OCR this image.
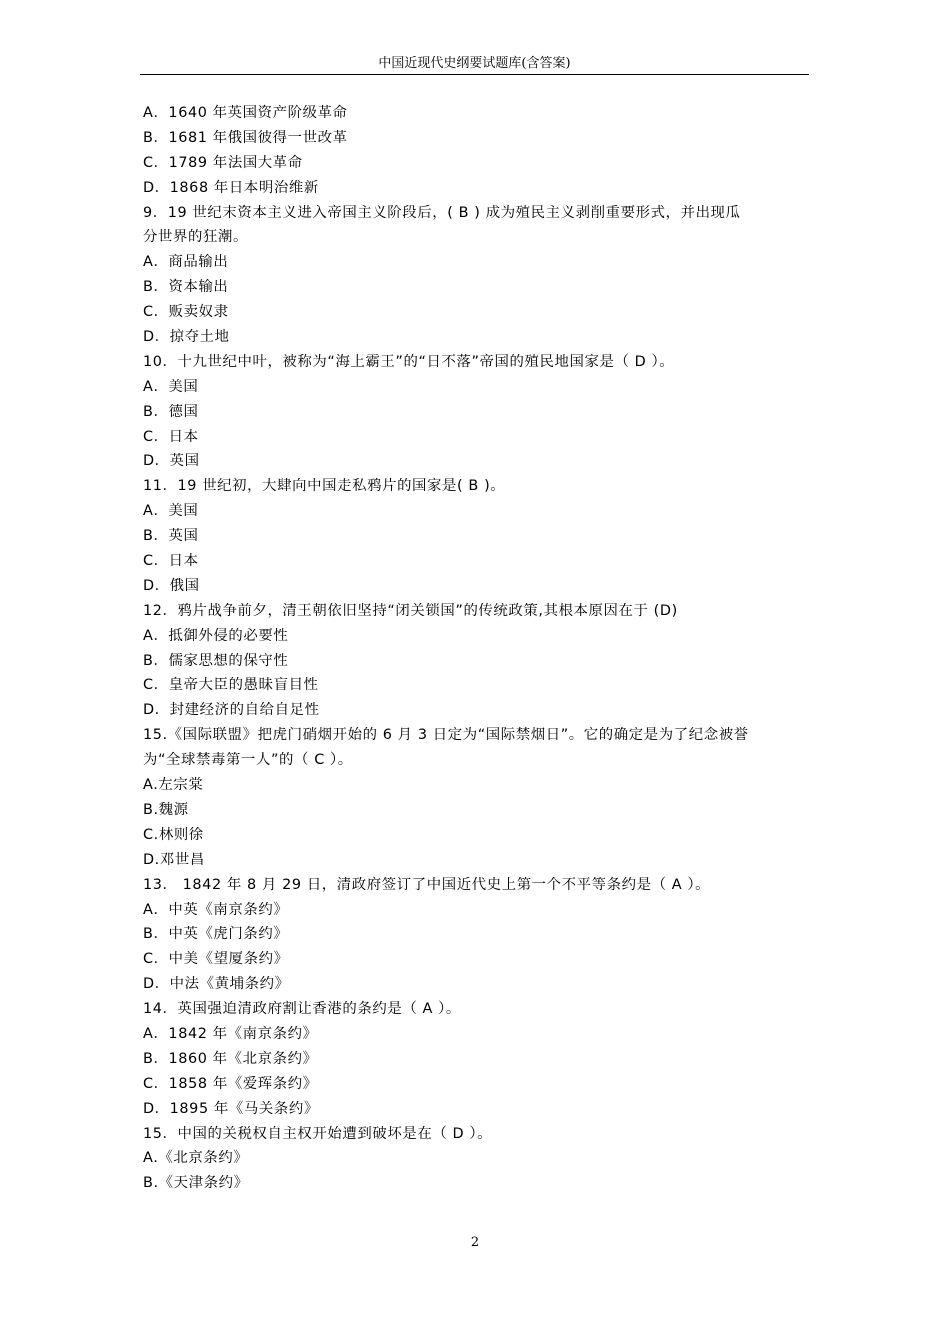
中国近现代史纲要试题库(含答案)
A．1640 年英国资产阶级革命
B．1681 年俄国彼得一世改革
C．1789 年法国大革命
D．1868 年日本明治维新
9．19 世纪末资本主义进入帝国主义阶段后，( B ) 成为殖民主义剥削重要形式，并出现瓜
分世界的狂潮。
A．商品输出
B．资本输出
C．贩卖奴隶
D．掠夺土地
10．十九世纪中叶，被称为“海上霸王”的“日不落”帝国的殖民地国家是（ D ）。
A．美国
B．德国
C．日本
D．英国
11．19 世纪初，大肆向中国走私鸦片的国家是( B )。
A．美国
B．英国
C．日本
D．俄国
12．鸦片战争前夕，清王朝依旧坚持“闭关锁国”的传统政策,其根本原因在于 (D)
A．抵御外侵的必要性
B．儒家思想的保守性
C．皇帝大臣的愚昧盲目性
D．封建经济的自给自足性
15.《国际联盟》把虎门硝烟开始的 6 月 3 日定为“国际禁烟日”。它的确定是为了纪念被誉
为“全球禁毒第一人”的（ C ）。
A.左宗棠
B.魏源
C.林则徐
D.邓世昌
13． 1842 年 8 月 29 日，清政府签订了中国近代史上第一个不平等条约是（ A ）。
A．中英《南京条约》
B．中英《虎门条约》
C．中美《望厦条约》
D．中法《黄埔条约》
14．英国强迫清政府割让香港的条约是（ A ）。
A．1842 年《南京条约》
B．1860 年《北京条约》
C．1858 年《爱珲条约》
D．1895 年《马关条约》
15．中国的关税权自主权开始遭到破坏是在（ D ）。
A.《北京条约》
B.《天津条约》
2
